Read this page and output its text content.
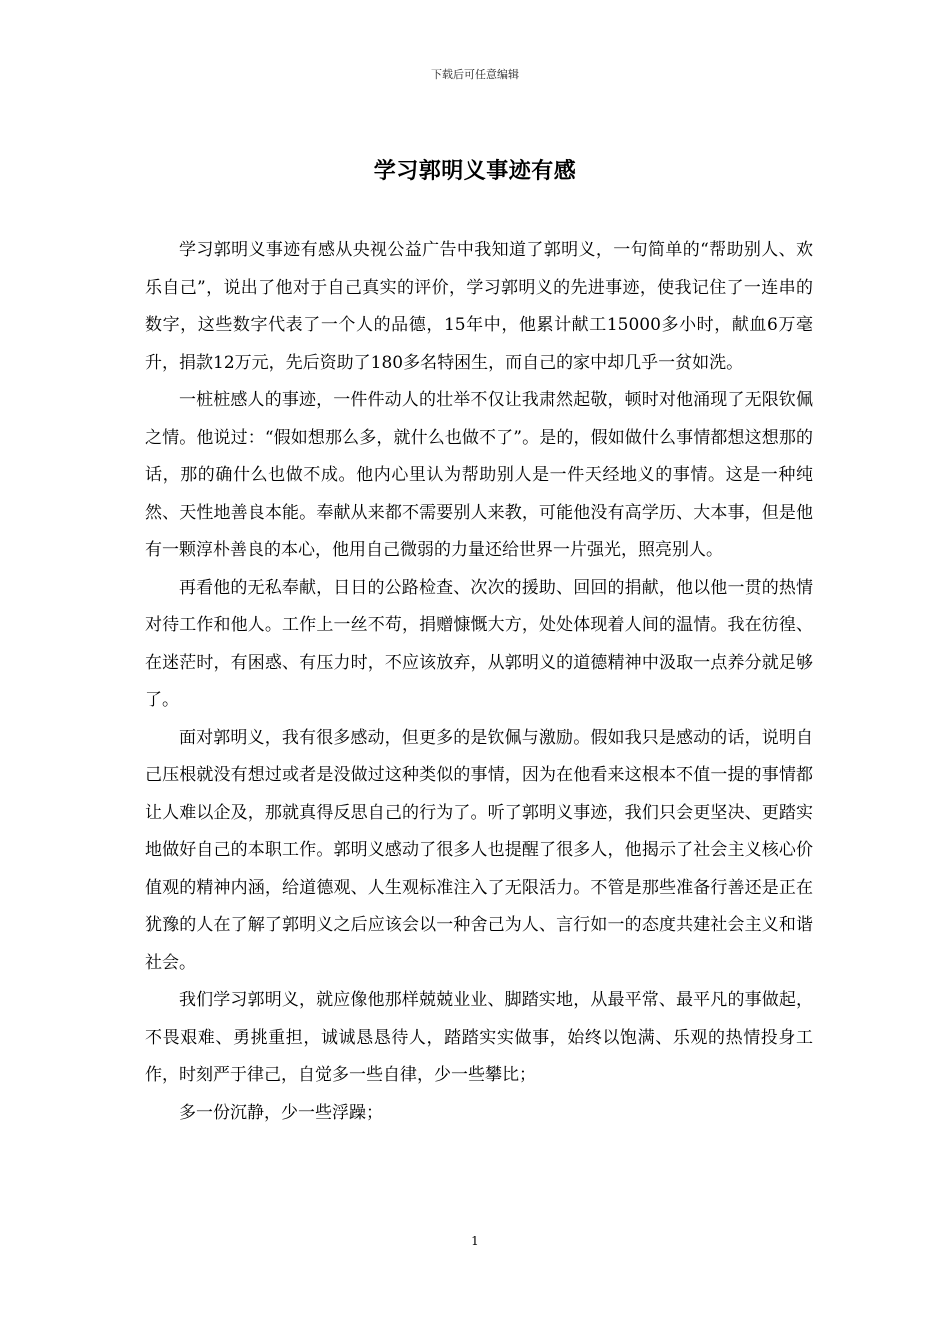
下载后可任意编辑
学习郭明义事迹有感

学习郭明义事迹有感从央视公益广告中我知道了郭明义，一句简单的“帮助别人、欢乐自己”，说出了他对于自己真实的评价，学习郭明义的先进事迹，使我记住了一连串的数字，这些数字代表了一个人的品德，15年中，他累计献工15000多小时，献血6万毫升，捐款12万元，先后资助了180多名特困生，而自己的家中却几乎一贫如洗。

一桩桩感人的事迹，一件件动人的壮举不仅让我肃然起敬，顿时对他涌现了无限钦佩之情。他说过：“假如想那么多，就什么也做不了”。是的，假如做什么事情都想这想那的话，那的确什么也做不成。他内心里认为帮助别人是一件天经地义的事情。这是一种纯然、天性地善良本能。奉献从来都不需要别人来教，可能他没有高学历、大本事，但是他有一颗淳朴善良的本心，他用自己微弱的力量还给世界一片强光，照亮别人。

再看他的无私奉献，日日的公路检查、次次的援助、回回的捐献，他以他一贯的热情对待工作和他人。工作上一丝不苟，捐赠慷慨大方，处处体现着人间的温情。我在彷徨、在迷茫时，有困惑、有压力时，不应该放弃，从郭明义的道德精神中汲取一点养分就足够了。

面对郭明义，我有很多感动，但更多的是钦佩与激励。假如我只是感动的话，说明自己压根就没有想过或者是没做过这种类似的事情，因为在他看来这根本不值一提的事情都让人难以企及，那就真得反思自己的行为了。听了郭明义事迹，我们只会更坚决、更踏实地做好自己的本职工作。郭明义感动了很多人也提醒了很多人，他揭示了社会主义核心价值观的精神内涵，给道德观、人生观标准注入了无限活力。不管是那些准备行善还是正在犹豫的人在了解了郭明义之后应该会以一种舍己为人、言行如一的态度共建社会主义和谐社会。

我们学习郭明义，就应像他那样兢兢业业、脚踏实地，从最平常、最平凡的事做起，不畏艰难、勇挑重担，诚诚恳恳待人，踏踏实实做事，始终以饱满、乐观的热情投身工作，时刻严于律己，自觉多一些自律，少一些攀比；

多一份沉静，少一些浮躁；

1
